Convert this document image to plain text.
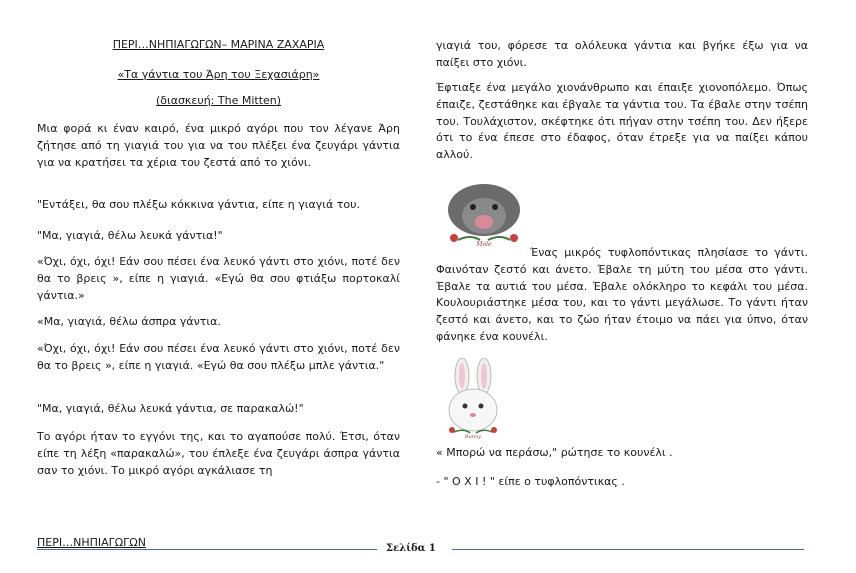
ΠΕΡΙ…ΝΗΠΙΑΓΩΓΩΝ– ΜΑΡΙΝΑ ΖΑΧΑΡΙΑ

«Τα γάντια του Άρη του Ξεχασιάρη»

(διασκευή: The Mitten)

Μια φορά κι έναν καιρό, ένα μικρό αγόρι που τον λέγανε Άρη ζήτησε από τη γιαγιά του για να του πλέξει ένα ζευγάρι γάντια για να κρατήσει τα χέρια του ζεστά από το χιόνι.

"Εντάξει, θα σου πλέξω κόκκινα γάντια, είπε η γιαγιά του.

"Μα, γιαγιά, θέλω λευκά γάντια!"

«Όχι, όχι, όχι! Εάν σου πέσει ένα λευκό γάντι στο χιόνι, ποτέ δεν θα το βρεις », είπε η γιαγιά. «Εγώ θα σου φτιάξω πορτοκαλί γάντια.»

«Μα, γιαγιά, θέλω άσπρα γάντια.

«Όχι, όχι, όχι! Εάν σου πέσει ένα λευκό γάντι στο χιόνι, ποτέ δεν θα το βρεις », είπε η γιαγιά. «Εγώ θα σου πλέξω μπλε γάντια."

"Μα, γιαγιά, θέλω λευκά γάντια, σε παρακαλώ!"

Το αγόρι ήταν το εγγόνι της, και το αγαπούσε πολύ. Έτσι, όταν είπε τη λέξη «παρακαλώ», του έπλεξε ένα ζευγάρι άσπρα γάντια σαν το χιόνι. Το μικρό αγόρι αγκάλιασε τη

γιαγιά του, φόρεσε τα ολόλευκα γάντια και βγήκε έξω για να παίξει στο χιόνι.

Έφτιαξε ένα μεγάλο χιονάνθρωπο και έπαιξε χιονοπόλεμο. Όπως έπαιζε, ζεστάθηκε και έβγαλε τα γάντια του. Τα έβαλε στην τσέπη του. Τουλάχιστον, σκέφτηκε ότι πήγαν στην τσέπη του. Δεν ήξερε ότι το ένα έπεσε στο έδαφος, όταν έτρεξε για να παίξει κάπου αλλού.

Mole

Ένας μικρός τυφλοπόντικας πλησίασε το γάντι. Φαινόταν ζεστό και άνετο. Έβαλε τη μύτη του μέσα στο γάντι. Έβαλε τα αυτιά του μέσα. Έβαλε ολόκληρο το κεφάλι του μέσα. Κουλουριάστηκε μέσα του, και το γάντι μεγάλωσε. Το γάντι ήταν ζεστό και άνετο, και το ζώο ήταν έτοιμο να πάει για ύπνο, όταν φάνηκε ένα κουνέλι.

Bunny

« Μπορώ να περάσω," ρώτησε το κουνέλι .

- " Ο Χ Ι ! " είπε ο τυφλοπόντικας .

ΠΕΡΙ…ΝΗΠΙΑΓΩΓΩΝ	Σελίδα 1
